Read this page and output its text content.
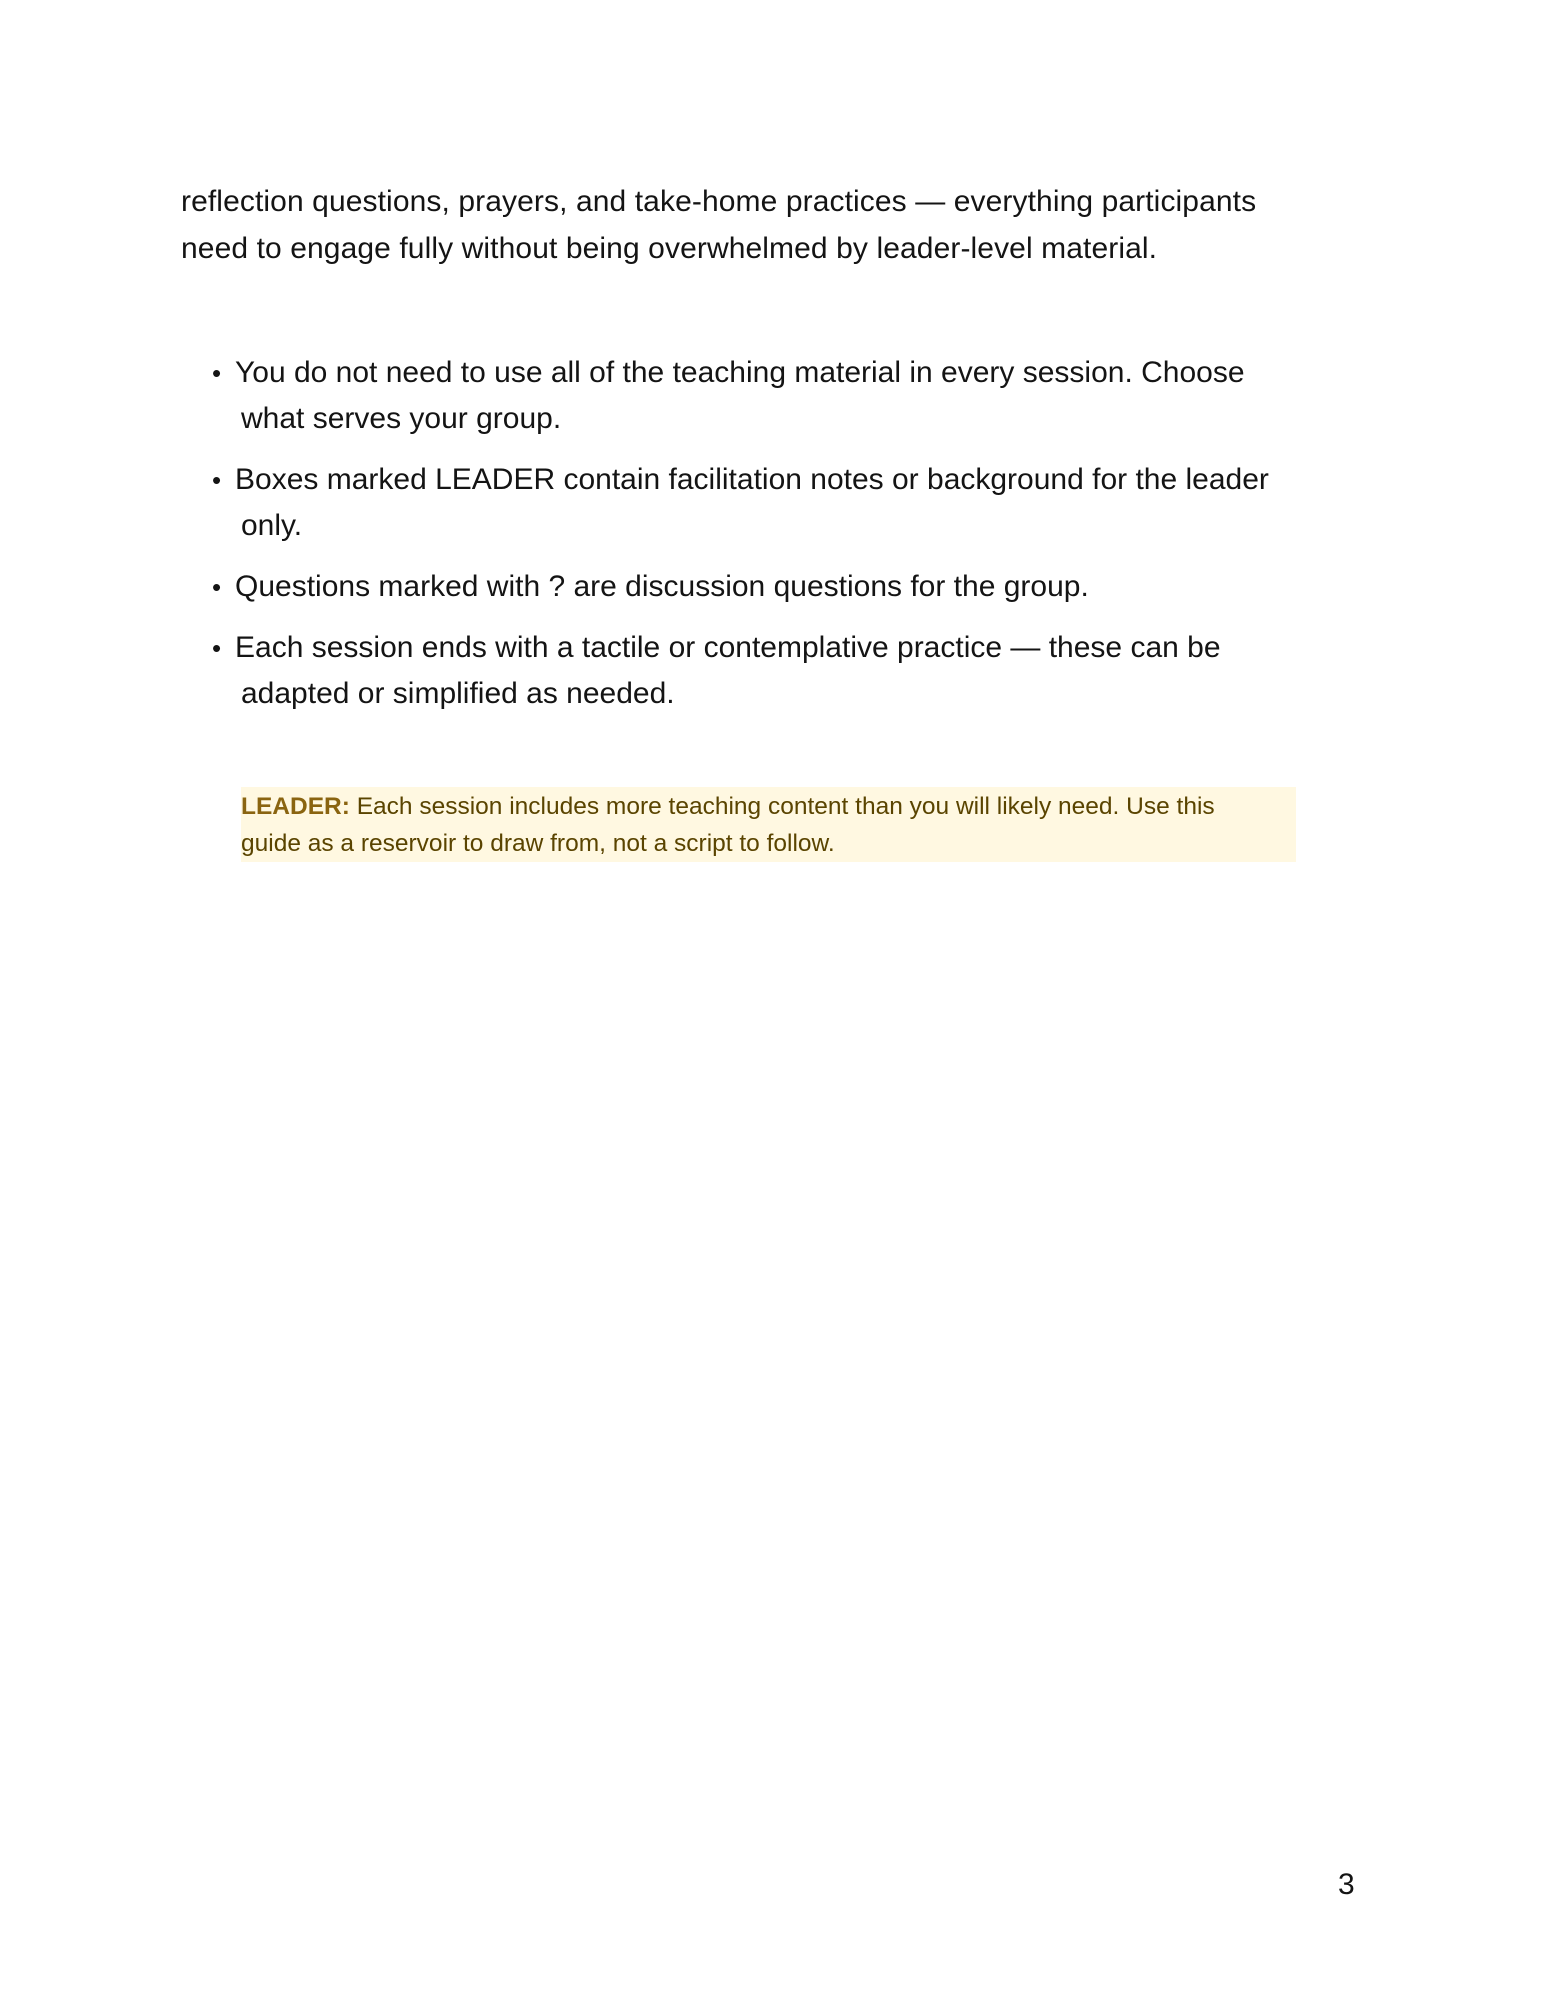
reflection questions, prayers, and take-home practices — everything participants
need to engage fully without being overwhelmed by leader-level material.

• You do not need to use all of the teaching material in every session. Choose
what serves your group.
• Boxes marked LEADER contain facilitation notes or background for the leader
only.
• Questions marked with ? are discussion questions for the group.
• Each session ends with a tactile or contemplative practice — these can be
adapted or simplified as needed.
LEADER: Each session includes more teaching content than you will likely need. Use this
guide as a reservoir to draw from, not a script to follow.
3
